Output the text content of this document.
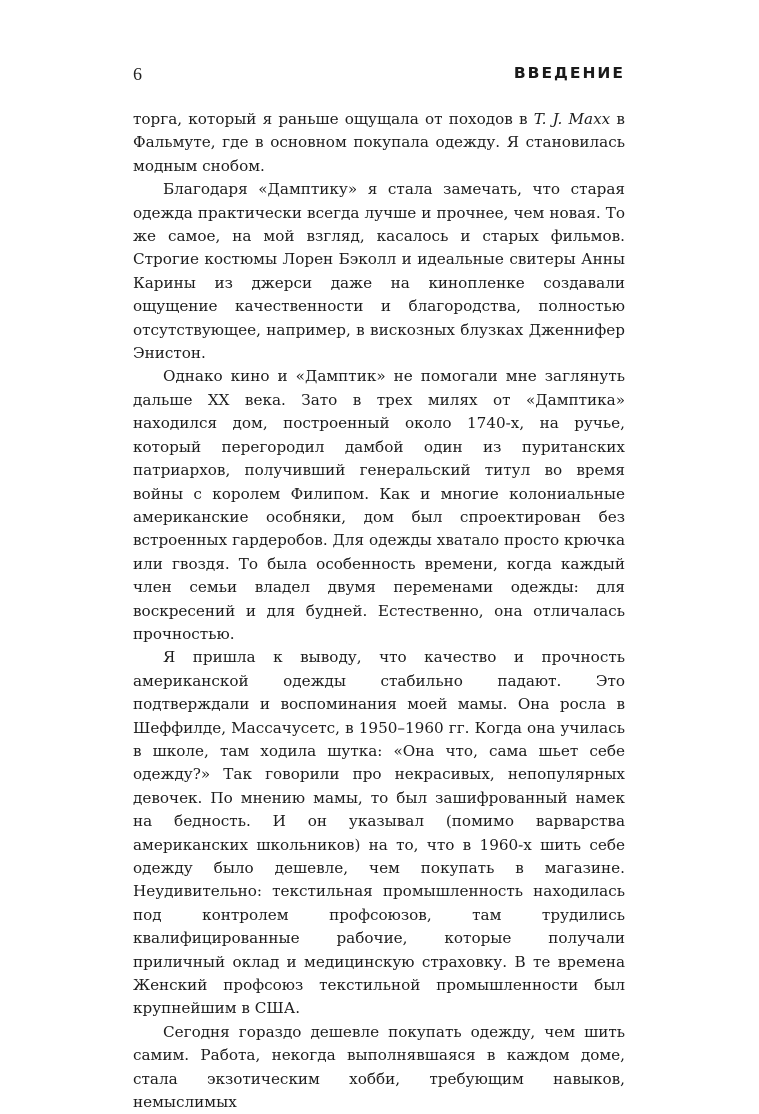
6	ВВЕДЕНИЕ

торга, который я раньше ощущала от походов в T. J. Maxx в Фальмуте, где в основном покупала одежду. Я становилась модным снобом.

Благодаря «Дамптику» я стала замечать, что старая одежда практически всегда лучше и прочнее, чем новая. То же самое, на мой взгляд, касалось и старых фильмов. Строгие костюмы Лорен Бэколл и идеальные свитеры Анны Карины из джерси даже на кинопленке создавали ощущение качественности и благородства, полностью отсутствующее, например, в вискозных блузках Дженнифер Энистон.

Однако кино и «Дамптик» не помогали мне заглянуть дальше XX века. Зато в трех милях от «Дамптика» находился дом, построенный около 1740-х, на ручье, который перегородил дамбой один из пуританских патриархов, получивший генеральский титул во время войны с королем Филипом. Как и многие колониальные американские особняки, дом был спроектирован без встроенных гардеробов. Для одежды хватало просто крючка или гвоздя. То была особенность времени, когда каждый член семьи владел двумя переменами одежды: для воскресений и для будней. Естественно, она отличалась прочностью.

Я пришла к выводу, что качество и прочность американской одежды стабильно падают. Это подтверждали и воспоминания моей мамы. Она росла в Шеффилде, Массачусетс, в 1950–1960 гг. Когда она училась в школе, там ходила шутка: «Она что, сама шьет себе одежду?» Так говорили про некрасивых, непопулярных девочек. По мнению мамы, то был зашифрованный намек на бедность. И он указывал (помимо варварства американских школьников) на то, что в 1960-х шить себе одежду было дешевле, чем покупать в магазине. Неудивительно: текстильная промышленность находилась под контролем профсоюзов, там трудились квалифицированные рабочие, которые получали приличный оклад и медицинскую страховку. В те времена Женский профсоюз текстильной промышленности был крупнейшим в США.

Сегодня гораздо дешевле покупать одежду, чем шить самим. Работа, некогда выполнявшаяся в каждом доме, стала экзотическим хобби, требующим навыков, немыслимых
